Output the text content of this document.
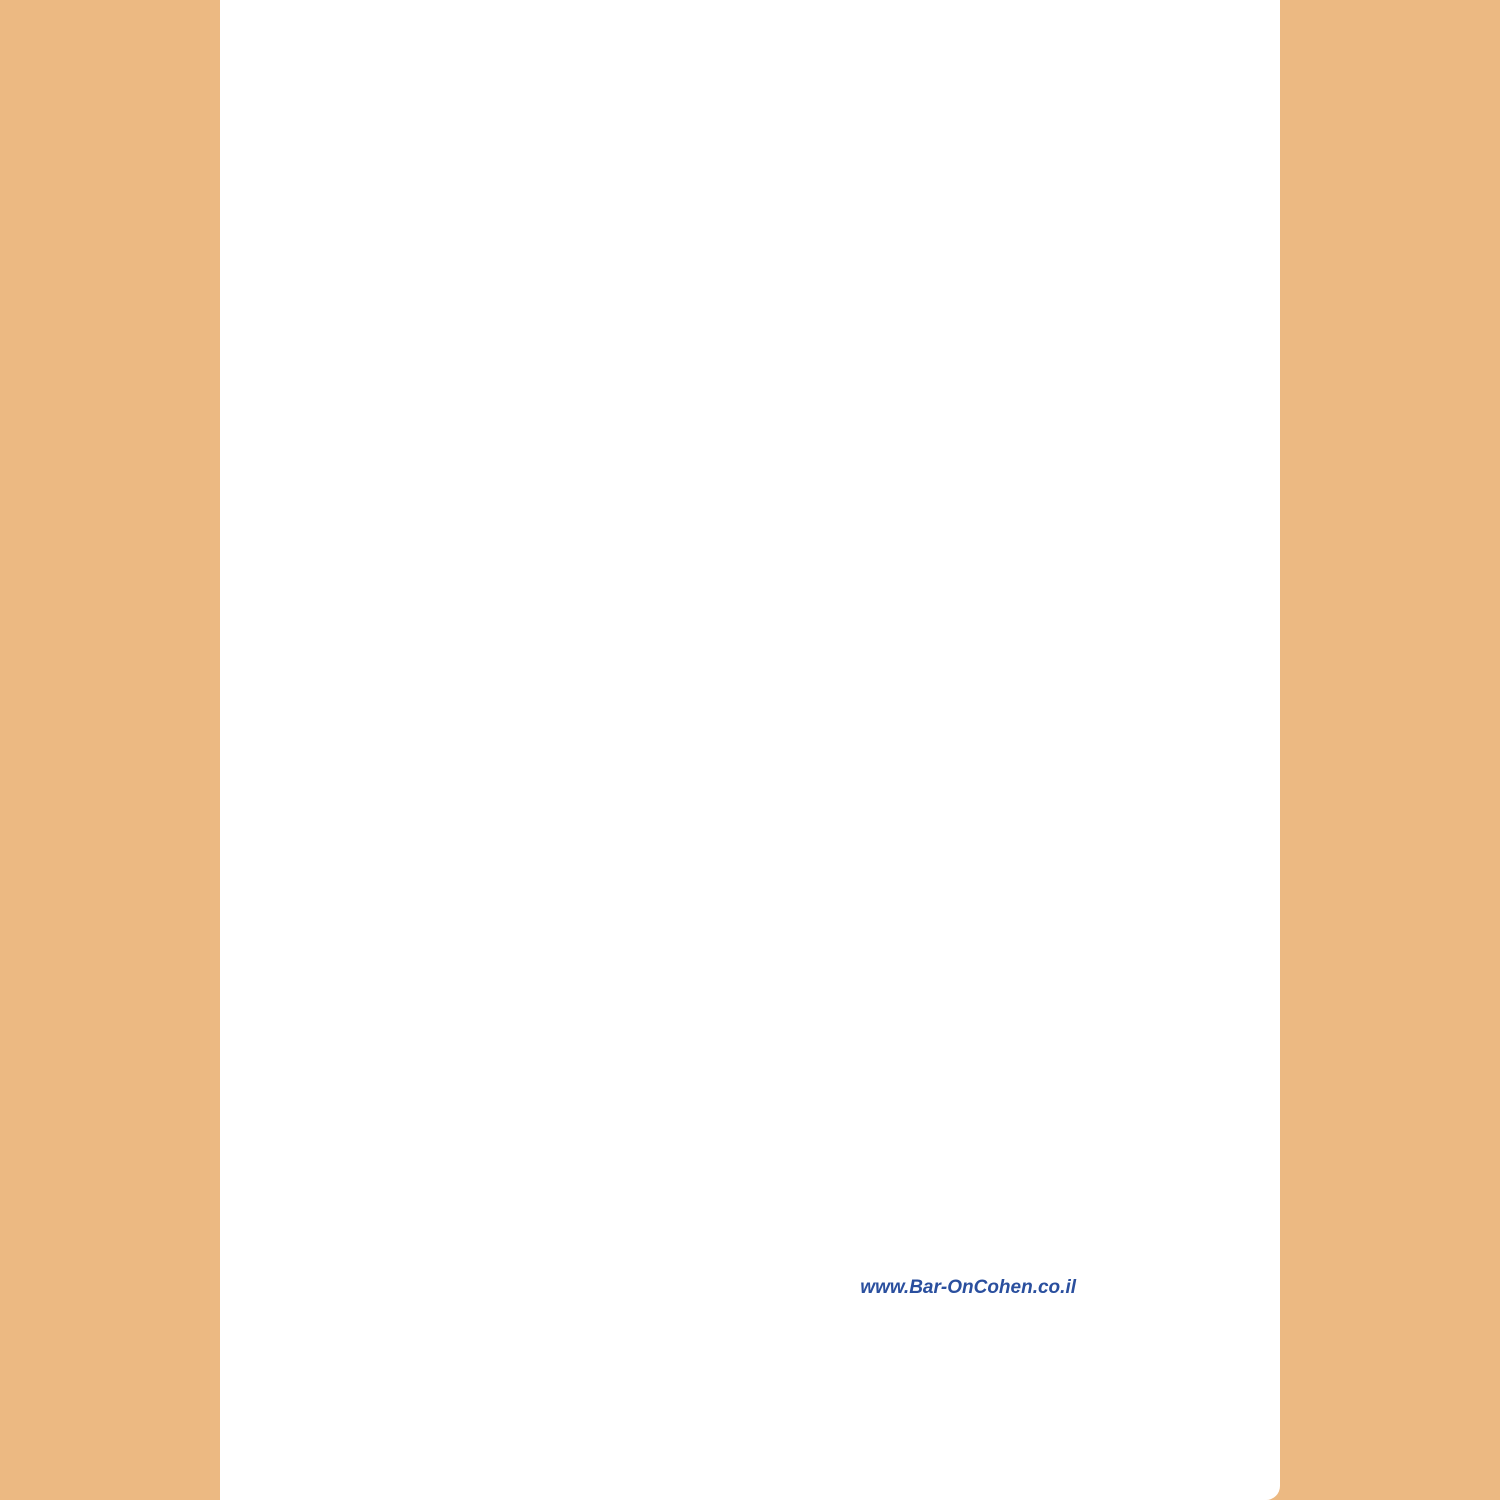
www.Bar-OnCohen.co.il
